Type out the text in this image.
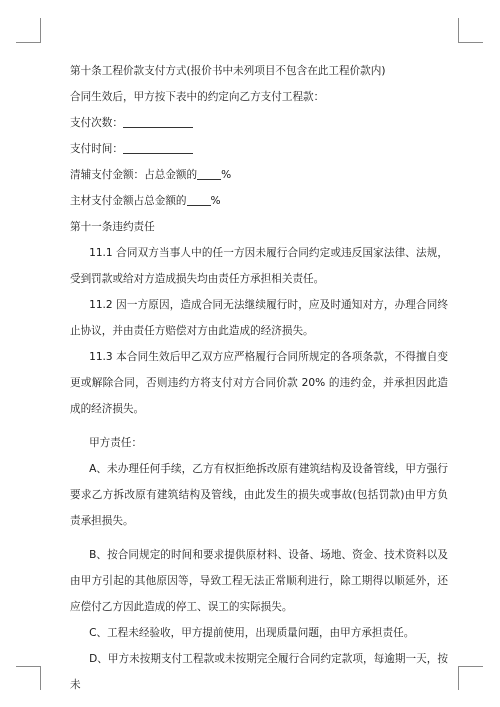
第十条工程价款支付方式(报价书中未列项目不包含在此工程价款内)

合同生效后，甲方按下表中的约定向乙方支付工程款：

支付次数：

支付时间：

清辅支付金额：占总金额的 %

主材支付金额占总金额的 %

第十一条违约责任

11.1 合同双方当事人中的任一方因未履行合同约定或违反国家法律、法规，受到罚款或给对方造成损失均由责任方承担相关责任。

11.2 因一方原因，造成合同无法继续履行时，应及时通知对方，办理合同终止协议，并由责任方赔偿对方由此造成的经济损失。

11.3 本合同生效后甲乙双方应严格履行合同所规定的各项条款，不得擅自变更或解除合同，否则违约方将支付对方合同价款 20% 的违约金，并承担因此造成的经济损失。

甲方责任：

A、未办理任何手续，乙方有权拒绝拆改原有建筑结构及设备管线，甲方强行要求乙方拆改原有建筑结构及管线，由此发生的损失或事故(包括罚款)由甲方负责承担损失。

B、按合同规定的时间和要求提供原材料、设备、场地、资金、技术资料以及由甲方引起的其他原因等，导致工程无法正常顺利进行，除工期得以顺延外，还应偿付乙方因此造成的停工、误工的实际损失。

C、工程未经验收，甲方提前使用，出现质量问题，由甲方承担责任。

D、甲方未按期支付工程款或未按期完全履行合同约定款项，每逾期一天，按未
